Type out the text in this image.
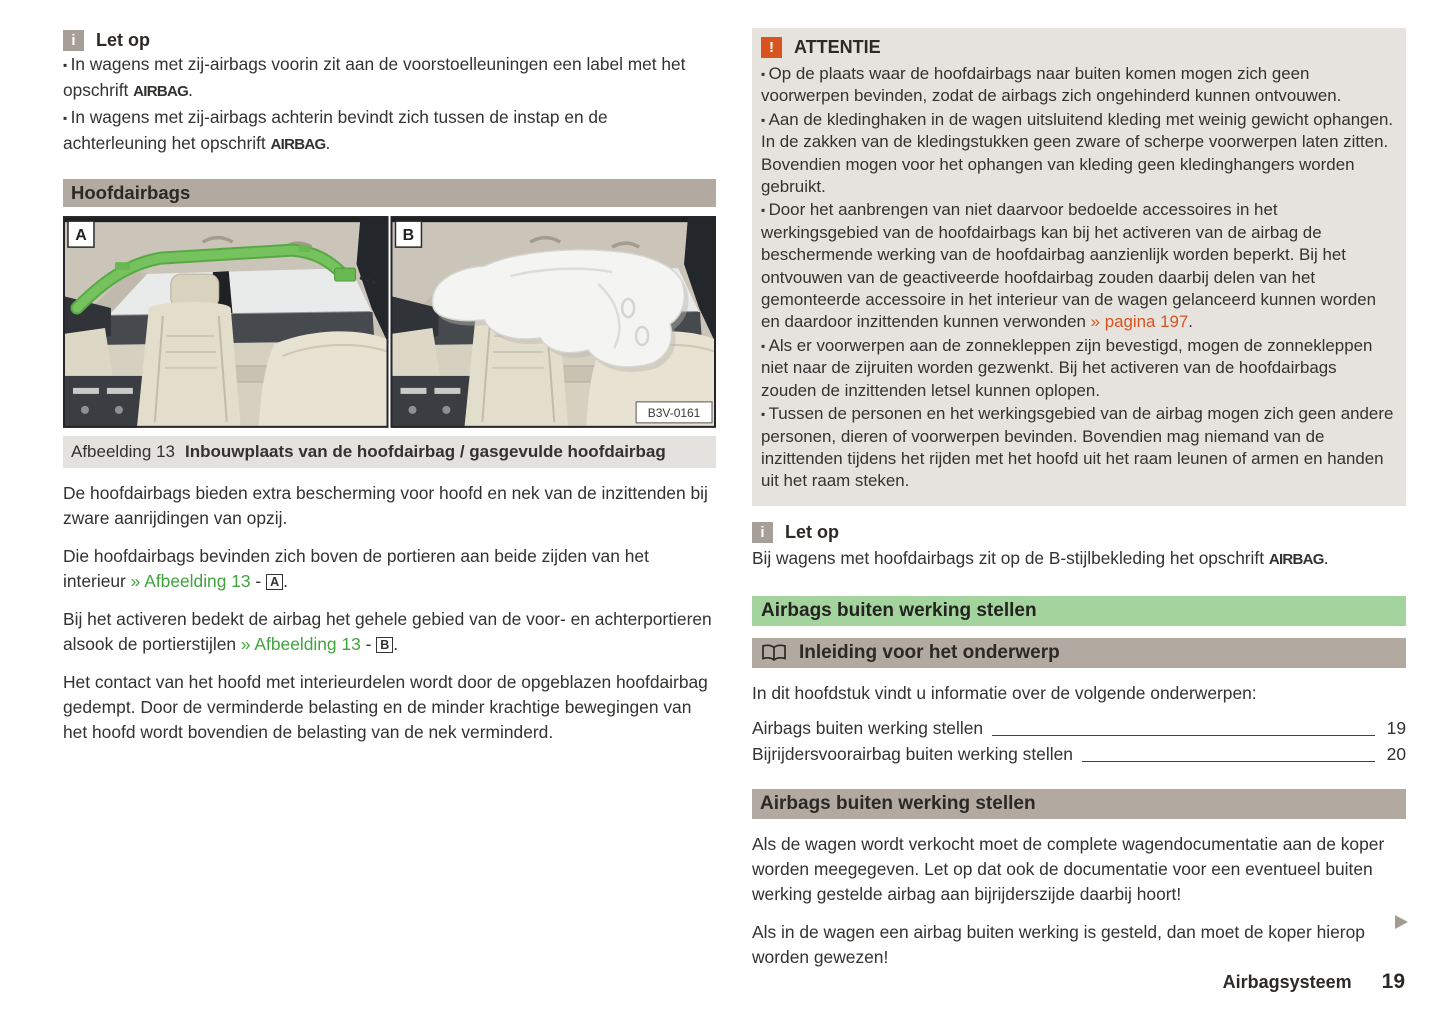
i	Let op
▪ In wagens met zij-airbags voorin zit aan de voorstoelleuningen een label met het opschrift AIRBAG.
▪ In wagens met zij-airbags achterin bevindt zich tussen de instap en de achterleuning het opschrift AIRBAG.
Hoofdairbags
A	B
B3V-0161
Afbeelding 13 Inbouwplaats van de hoofdairbag / gasgevulde hoofdairbag

De hoofdairbags bieden extra bescherming voor hoofd en nek van de inzittenden bij zware aanrijdingen van opzij.

Die hoofdairbags bevinden zich boven de portieren aan beide zijden van het interieur » Afbeelding 13 - A .

Bij het activeren bedekt de airbag het gehele gebied van de voor- en achterportieren alsook de portierstijlen » Afbeelding 13 - B .

Het contact van het hoofd met interieurdelen wordt door de opgeblazen hoofdairbag gedempt. Door de verminderde belasting en de minder krachtige bewegingen van het hoofd wordt bovendien de belasting van de nek verminderd.

!	ATTENTIE
▪ Op de plaats waar de hoofdairbags naar buiten komen mogen zich geen voorwerpen bevinden, zodat de airbags zich ongehinderd kunnen ontvouwen.
▪ Aan de kledinghaken in de wagen uitsluitend kleding met weinig gewicht ophangen. In de zakken van de kledingstukken geen zware of scherpe voorwerpen laten zitten. Bovendien mogen voor het ophangen van kleding geen kledinghangers worden gebruikt.
▪ Door het aanbrengen van niet daarvoor bedoelde accessoires in het werkingsgebied van de hoofdairbags kan bij het activeren van de airbag de beschermende werking van de hoofdairbag aanzienlijk worden beperkt. Bij het ontvouwen van de geactiveerde hoofdairbag zouden daarbij delen van het gemonteerde accessoire in het interieur van de wagen gelanceerd kunnen worden en daardoor inzittenden kunnen verwonden » pagina 197.
▪ Als er voorwerpen aan de zonnekleppen zijn bevestigd, mogen de zonnekleppen niet naar de zijruiten worden gezwenkt. Bij het activeren van de hoofdairbags zouden de inzittenden letsel kunnen oplopen.
▪ Tussen de personen en het werkingsgebied van de airbag mogen zich geen andere personen, dieren of voorwerpen bevinden. Bovendien mag niemand van de inzittenden tijdens het rijden met het hoofd uit het raam leunen of armen en handen uit het raam steken.
i	Let op
Bij wagens met hoofdairbags zit op de B-stijlbekleding het opschrift AIRBAG.
Airbags buiten werking stellen
Inleiding voor het onderwerp

In dit hoofdstuk vindt u informatie over de volgende onderwerpen:

Airbags buiten werking stellen	19
Bijrijdersvoorairbag buiten werking stellen	20
Airbags buiten werking stellen

Als de wagen wordt verkocht moet de complete wagendocumentatie aan de koper worden meegegeven. Let op dat ook de documentatie voor een eventueel buiten werking gestelde airbag aan bijrijderszijde daarbij hoort!

Als in de wagen een airbag buiten werking is gesteld, dan moet de koper hierop worden gewezen!

Airbagsysteem 19
